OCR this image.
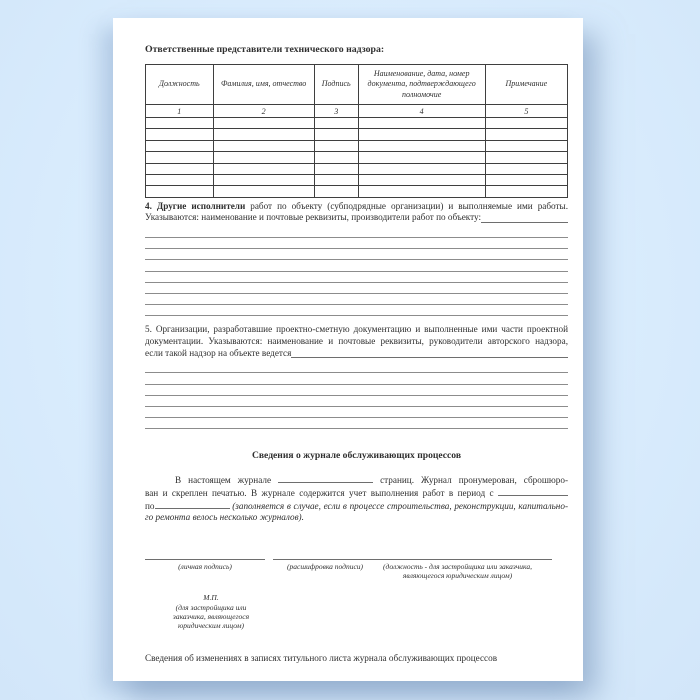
Ответственные представители технического надзора:
Должность	Фамилия, имя, отчество	Подпись	Наименование, дата, номер документа, подтверждающего полномочие	Примечание
1	2	3	4	5

4. Другие исполнители работ по объекту (субподрядные организации) и выполняемые ими работы.
Указываются: наименование и почтовые реквизиты, производители работ по объекту:
5. Организации, разработавшие проектно-сметную документацию и выполненные ими части проектной
документации. Указываются: наименование и почтовые реквизиты, руководители авторского надзора,
если такой надзор на объекте ведется
Сведения о журнале обслуживающих процессов
В настоящем журнале	страниц. Журнал пронумерован, сброшюро-
ван и скреплен печатью. В журнале содержится учет выполнения работ в период с
по	(заполняется в случае, если в процессе строительства, реконструкции, капитально-
го ремонта велось несколько журналов).
(личная подпись)	(расшифровка подписи)	(должность - для застройщика или заказчика,
являющегося юридическим лицом)
М.П.
(для застройщика или
заказчика, являющегося
юридическим лицом)
Сведения об изменениях в записях титульного листа журнала обслуживающих процессов
